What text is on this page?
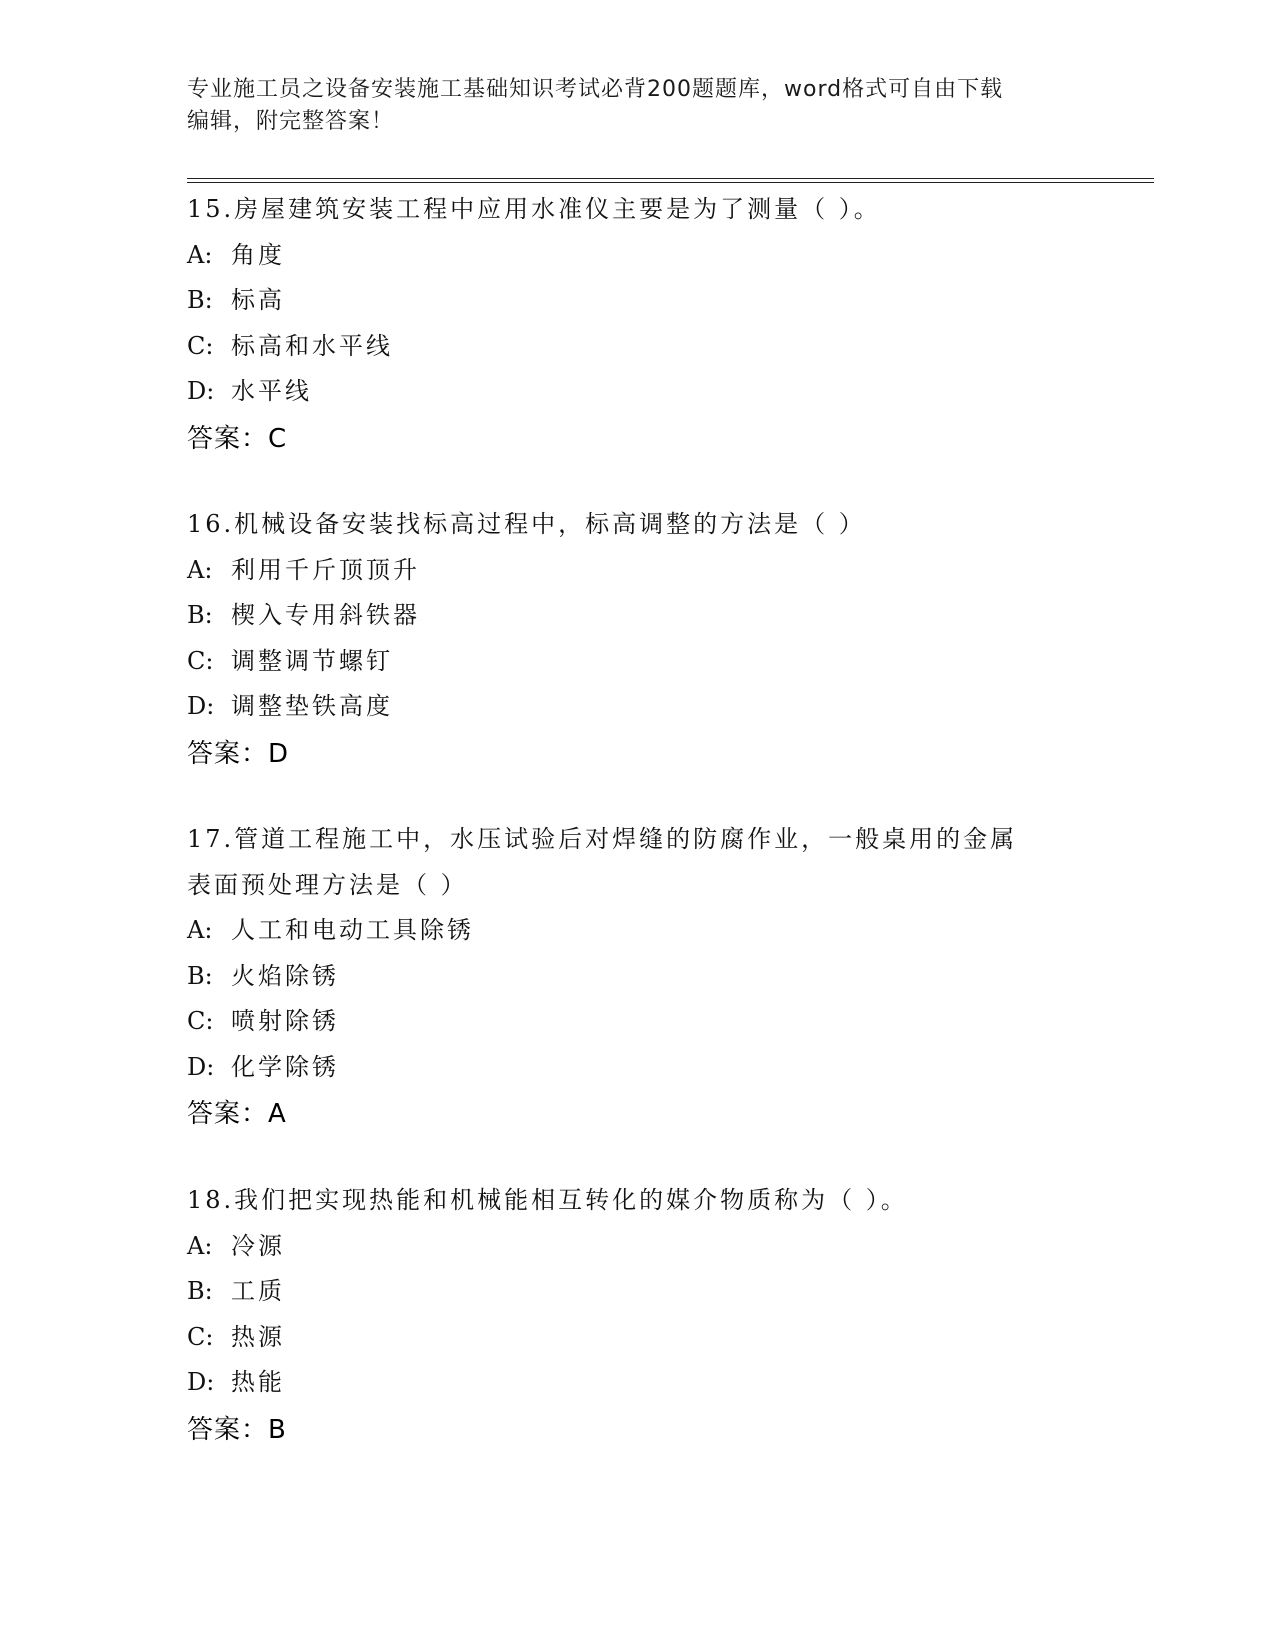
专业施工员之设备安装施工基础知识考试必背200题题库，word格式可自由下载
编辑，附完整答案！
15.房屋建筑安装工程中应用水准仪主要是为了测量（ ）。
A: 角度
B: 标高
C: 标高和水平线
D: 水平线
答案：C
16.机械设备安装找标高过程中，标高调整的方法是（ ）
A: 利用千斤顶顶升
B: 楔入专用斜铁器
C: 调整调节螺钉
D: 调整垫铁高度
答案：D
17.管道工程施工中，水压试验后对焊缝的防腐作业，一般桌用的金属
表面预处理方法是（ ）
A: 人工和电动工具除锈
B: 火焰除锈
C: 喷射除锈
D: 化学除锈
答案：A
18.我们把实现热能和机械能相互转化的媒介物质称为（ ）。
A: 冷源
B: 工质
C: 热源
D: 热能
答案：B
